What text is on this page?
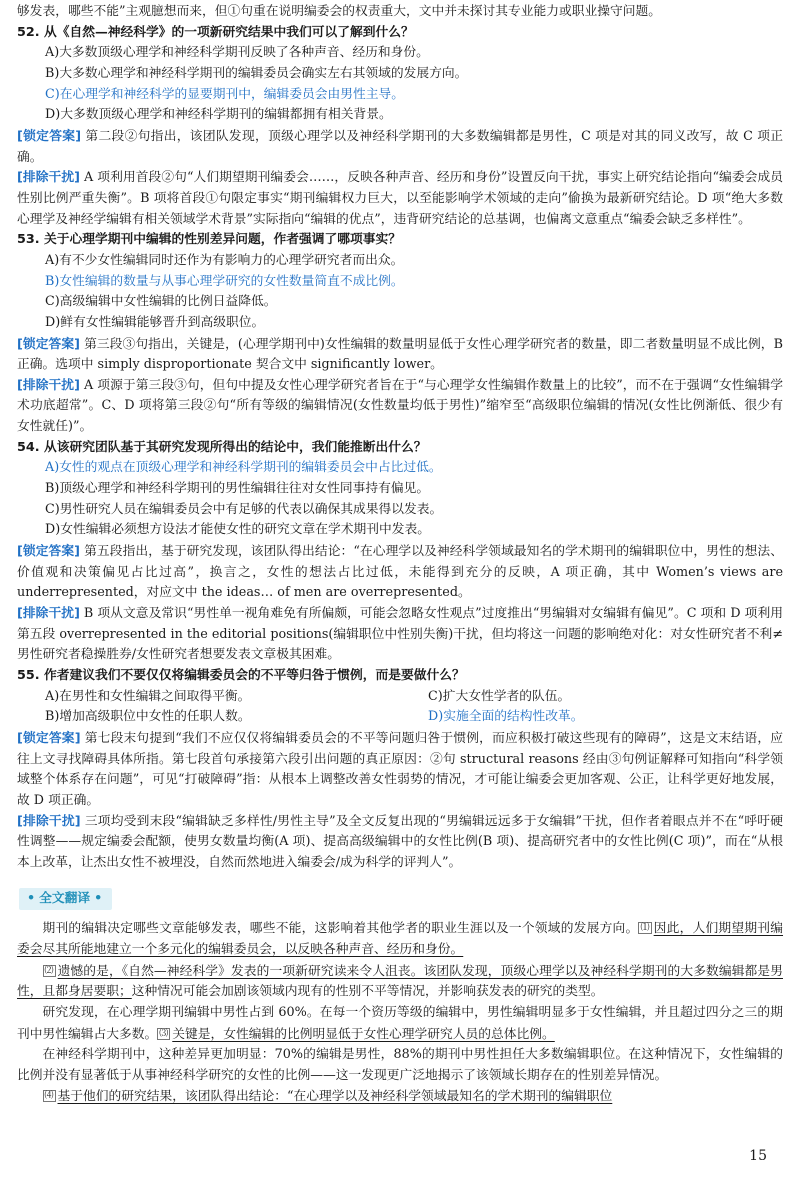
够发表，哪些不能”主观臆想而来，但①句重在说明编委会的权责重大，文中并未探讨其专业能力或职业操守问题。
52. 从《自然—神经科学》的一项新研究结果中我们可以了解到什么？
A)大多数顶级心理学和神经科学期刊反映了各种声音、经历和身份。
B)大多数心理学和神经科学期刊的编辑委员会确实左右其领域的发展方向。
C)在心理学和神经科学的显要期刊中，编辑委员会由男性主导。
D)大多数顶级心理学和神经科学期刊的编辑都拥有相关背景。

[锁定答案] 第二段②句指出，该团队发现，顶级心理学以及神经科学期刊的大多数编辑都是男性，C 项是对其的同义改写，故 C 项正确。

[排除干扰] A 项利用首段②句“人们期望期刊编委会……，反映各种声音、经历和身份”设置反向干扰，事实上研究结论指向“编委会成员性别比例严重失衡”。B 项将首段①句限定事实“期刊编辑权力巨大，以至能影响学术领域的走向”偷换为最新研究结论。D 项“绝大多数心理学及神经学编辑有相关领域学术背景”实际指向“编辑的优点”，违背研究结论的总基调，也偏离文意重点“编委会缺乏多样性”。

53. 关于心理学期刊中编辑的性别差异问题，作者强调了哪项事实？
A)有不少女性编辑同时还作为有影响力的心理学研究者而出众。
B)女性编辑的数量与从事心理学研究的女性数量简直不成比例。
C)高级编辑中女性编辑的比例日益降低。
D)鲜有女性编辑能够晋升到高级职位。

[锁定答案] 第三段③句指出，关键是，(心理学期刊中)女性编辑的数量明显低于女性心理学研究者的数量，即二者数量明显不成比例，B 正确。选项中 simply disproportionate 契合文中 significantly lower。

[排除干扰] A 项源于第三段③句，但句中提及女性心理学研究者旨在于“与心理学女性编辑作数量上的比较”，而不在于强调“女性编辑学术功底超常”。C、D 项将第三段②句“所有等级的编辑情况(女性数量均低于男性)”缩窄至“高级职位编辑的情况(女性比例渐低、很少有女性就任)”。

54. 从该研究团队基于其研究发现所得出的结论中，我们能推断出什么？
A)女性的观点在顶级心理学和神经科学期刊的编辑委员会中占比过低。
B)顶级心理学和神经科学期刊的男性编辑往往对女性同事持有偏见。
C)男性研究人员在编辑委员会中有足够的代表以确保其成果得以发表。
D)女性编辑必须想方设法才能使女性的研究文章在学术期刊中发表。

[锁定答案] 第五段指出，基于研究发现，该团队得出结论：“在心理学以及神经科学领域最知名的学术期刊的编辑职位中，男性的想法、价值观和决策偏见占比过高”，换言之，女性的想法占比过低，未能得到充分的反映，A 项正确，其中 Women’s views are underrepresented，对应文中 the ideas… of men are overrepresented。

[排除干扰] B 项从文意及常识“男性单一视角难免有所偏颇，可能会忽略女性观点”过度推出“男编辑对女编辑有偏见”。C 项和 D 项利用第五段 overrepresented in the editorial positions(编辑职位中性别失衡)干扰，但均将这一问题的影响绝对化：对女性研究者不利≠男性研究者稳操胜券/女性研究者想要发表文章极其困难。

55. 作者建议我们不要仅仅将编辑委员会的不平等归咎于惯例，而是要做什么？
A)在男性和女性编辑之间取得平衡。	C)扩大女性学者的队伍。
B)增加高级职位中女性的任职人数。	D)实施全面的结构性改革。

[锁定答案] 第七段末句提到“我们不应仅仅将编辑委员会的不平等问题归咎于惯例，而应积极打破这些现有的障碍”，这是文末结语，应往上文寻找障碍具体所指。第七段首句承接第六段引出问题的真正原因：②句 structural reasons 经由③句例证解释可知指向“科学领域整个体系存在问题”，可见“打破障碍”指：从根本上调整改善女性弱势的情况，才可能让编委会更加客观、公正，让科学更好地发展，故 D 项正确。

[排除干扰] 三项均受到末段“编辑缺乏多样性/男性主导”及全文反复出现的“男编辑远远多于女编辑”干扰，但作者着眼点并不在“呼吁硬性调整——规定编委会配额，使男女数量均衡(A 项)、提高高级编辑中的女性比例(B 项)、提高研究者中的女性比例(C 项)”，而在“从根本上改革，让杰出女性不被埋没，自然而然地进入编委会/成为科学的评判人”。

• 全文翻译 •

期刊的编辑决定哪些文章能够发表，哪些不能，这影响着其他学者的职业生涯以及一个领域的发展方向。 ⑴ 因此，人们期望期刊编委会尽其所能地建立一个多元化的编辑委员会，以反映各种声音、经历和身份。

⑵ 遗憾的是，《自然—神经科学》发表的一项新研究读来令人沮丧。该团队发现，顶级心理学以及神经科学期刊的大多数编辑都是男性，且都身居要职；这种情况可能会加剧该领域内现有的性别不平等情况，并影响获发表的研究的类型。

研究发现，在心理学期刊编辑中男性占到 60%。在每一个资历等级的编辑中，男性编辑明显多于女性编辑，并且超过四分之三的期刊中男性编辑占大多数。 ⑶ 关键是，女性编辑的比例明显低于女性心理学研究人员的总体比例。

在神经科学期刊中，这种差异更加明显：70%的编辑是男性，88%的期刊中男性担任大多数编辑职位。在这种情况下，女性编辑的比例并没有显著低于从事神经科学研究的女性的比例——这一发现更广泛地揭示了该领域长期存在的性别差异情况。

⑷ 基于他们的研究结果，该团队得出结论：“在心理学以及神经科学领域最知名的学术期刊的编辑职位

15
